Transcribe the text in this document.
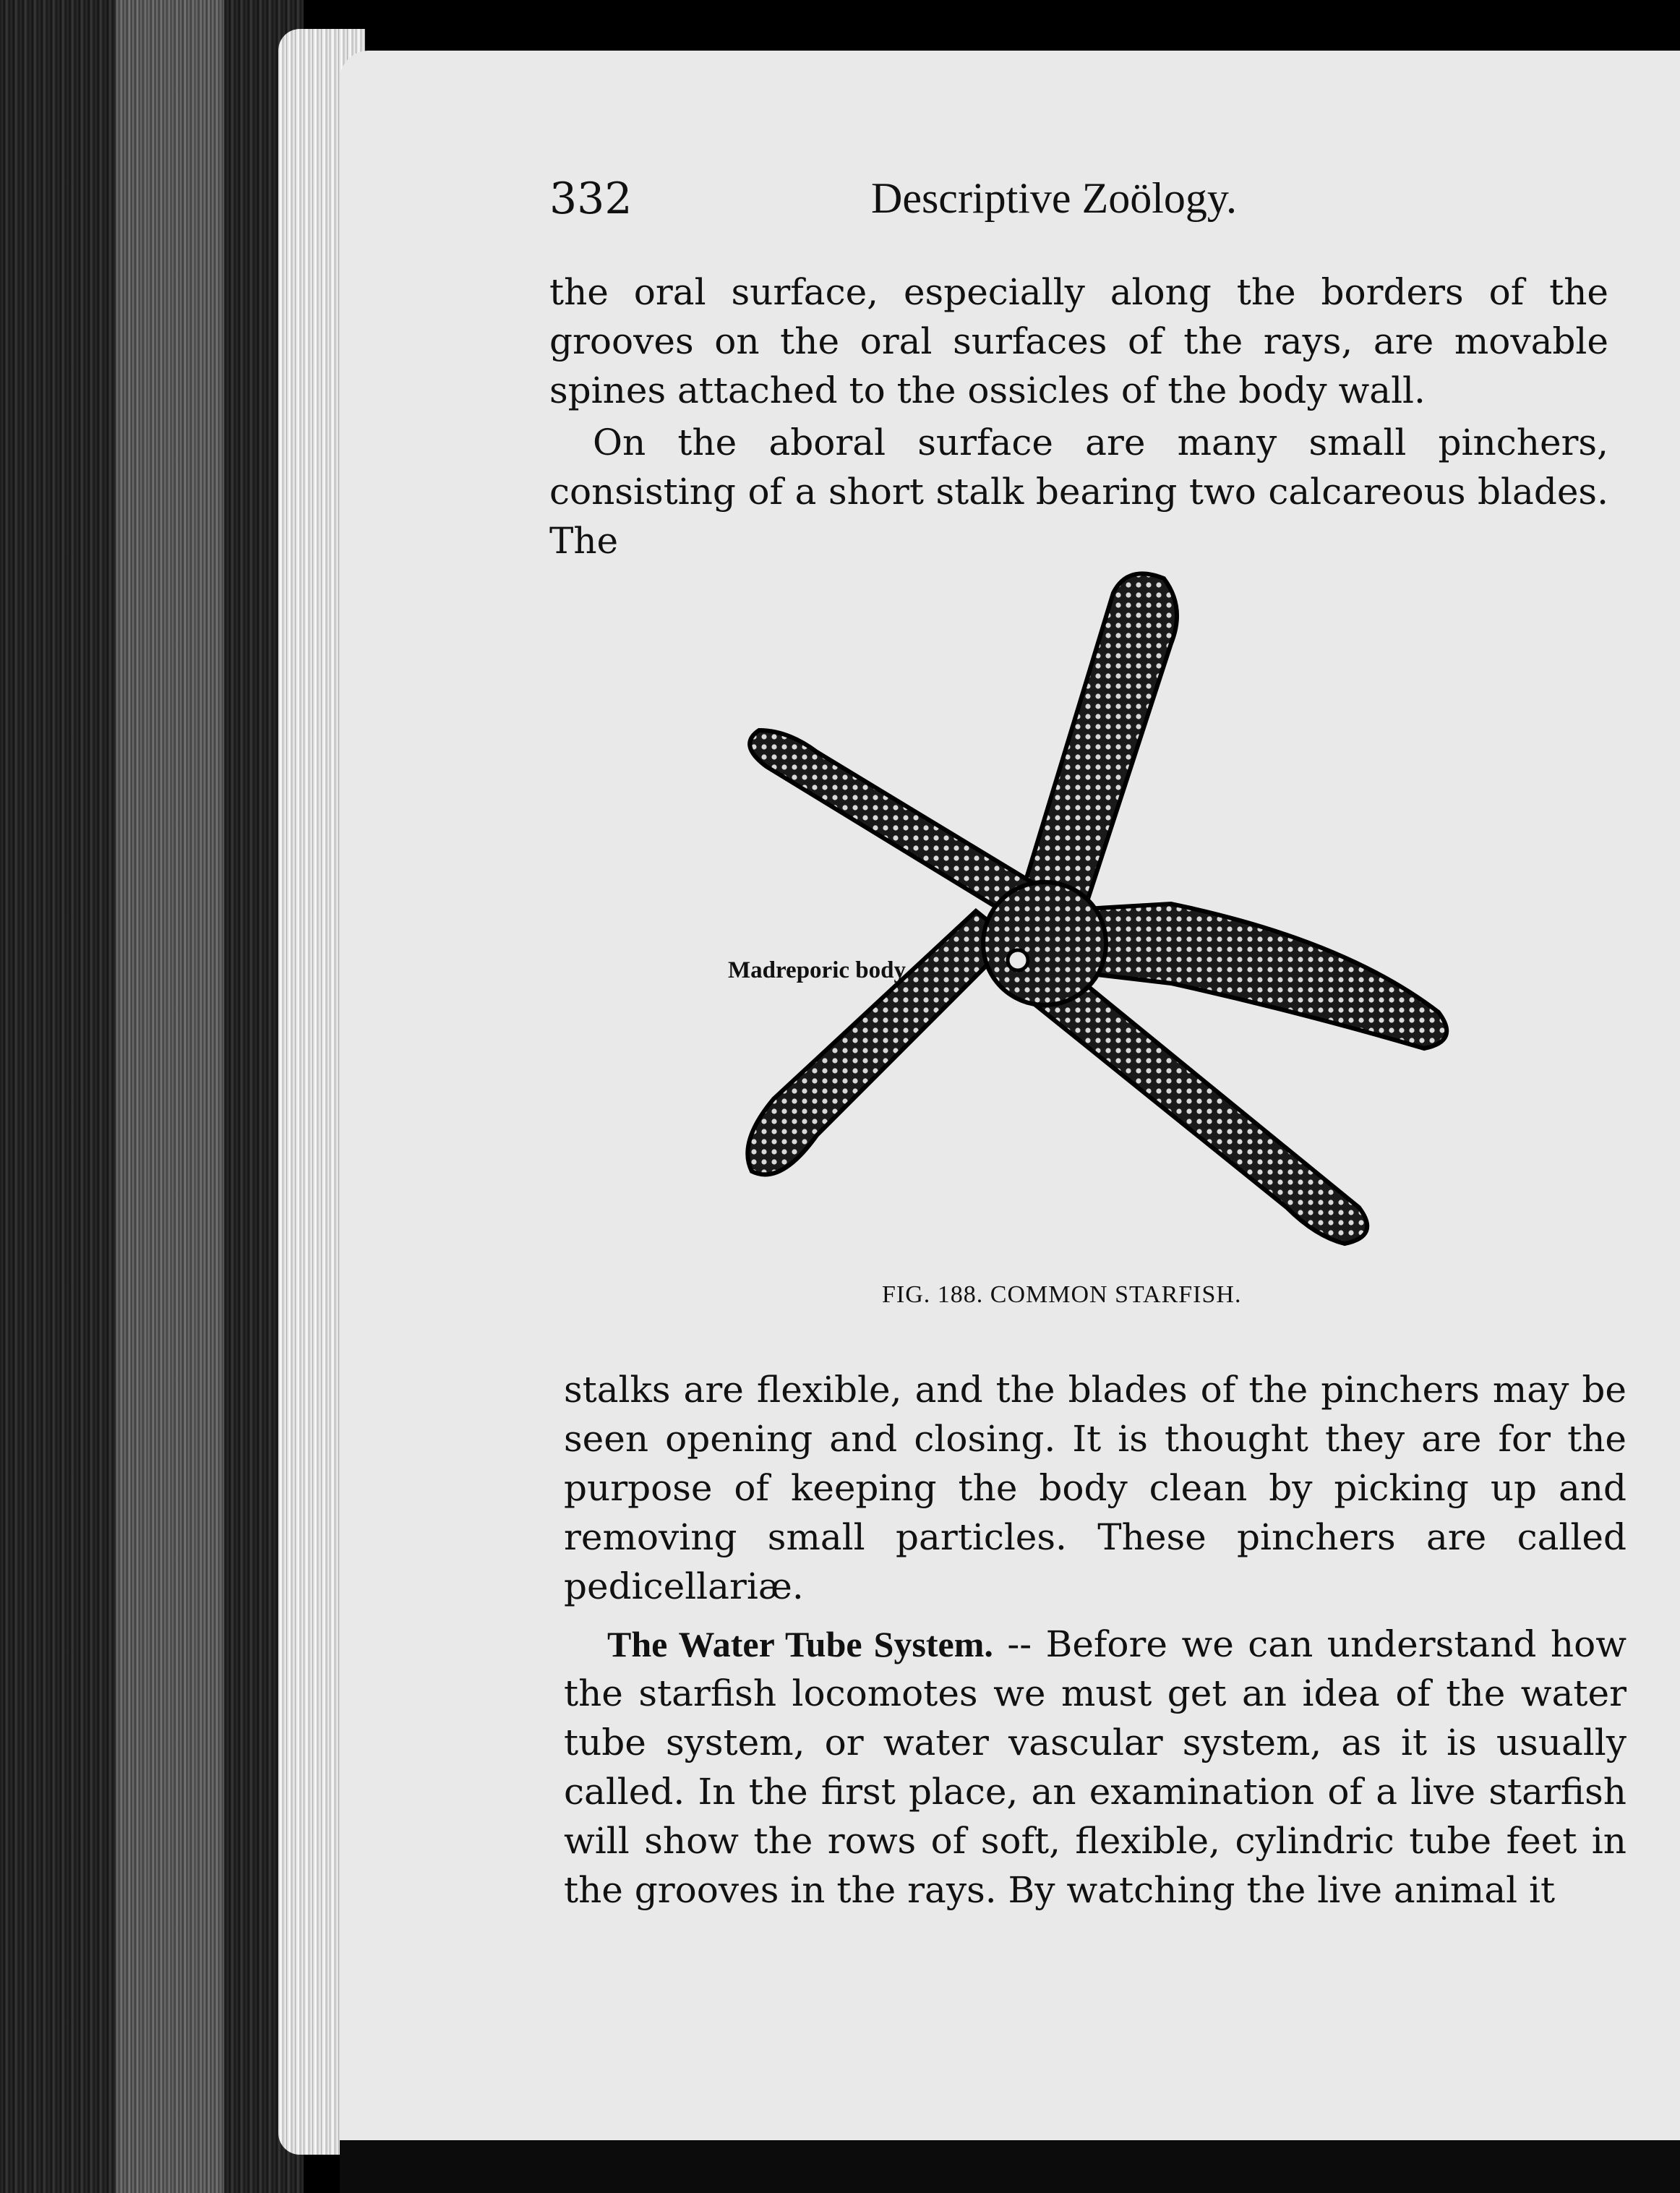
332	Descriptive Zoölogy.
the oral surface, especially along the borders of the grooves on the oral surfaces of the rays, are movable spines attached to the ossicles of the body wall.
On the aboral surface are many small pinchers, consisting of a short stalk bearing two calcareous blades. The
Madreporic body
FIG. 188. COMMON STARFISH.
stalks are flexible, and the blades of the pinchers may be seen opening and closing. It is thought they are for the purpose of keeping the body clean by picking up and removing small particles. These pinchers are called pedicellariæ.
The Water Tube System. -- Before we can understand how the starfish locomotes we must get an idea of the water tube system, or water vascular system, as it is usually called. In the first place, an examination of a live starfish will show the rows of soft, flexible, cylindric tube feet in the grooves in the rays. By watching the live animal it
